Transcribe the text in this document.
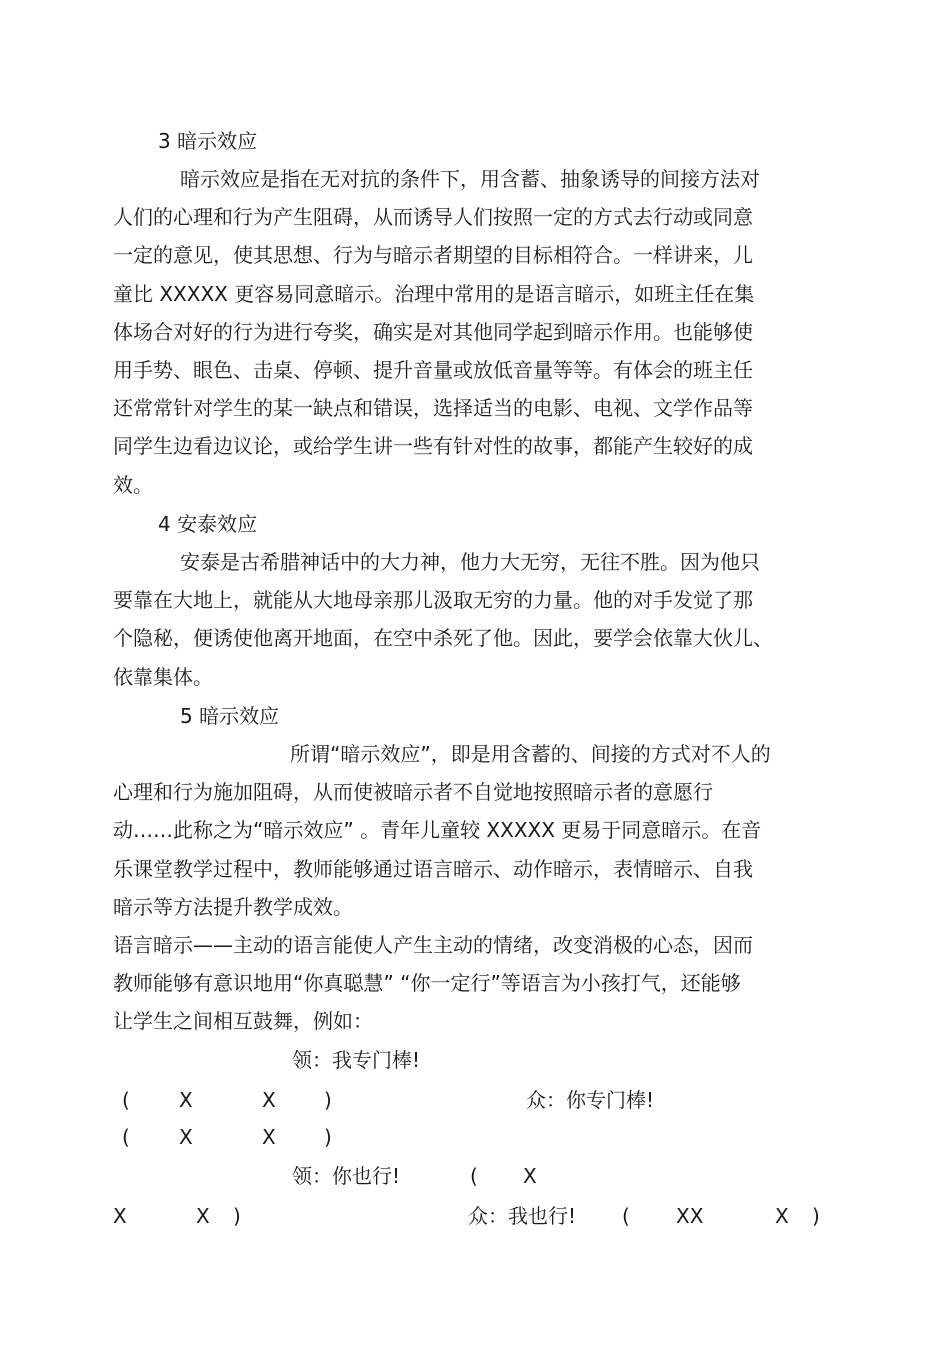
3 暗示效应
暗示效应是指在无对抗的条件下，用含蓄、抽象诱导的间接方法对
人们的心理和行为产生阻碍，从而诱导人们按照一定的方式去行动或同意
一定的意见，使其思想、行为与暗示者期望的目标相符合。一样讲来，儿
童比 XXXXX 更容易同意暗示。治理中常用的是语言暗示，如班主任在集
体场合对好的行为进行夸奖，确实是对其他同学起到暗示作用。也能够使
用手势、眼色、击桌、停顿、提升音量或放低音量等等。有体会的班主任
还常常针对学生的某一缺点和错误，选择适当的电影、电视、文学作品等
同学生边看边议论，或给学生讲一些有针对性的故事，都能产生较好的成
效。
4 安泰效应
安泰是古希腊神话中的大力神，他力大无穷，无往不胜。因为他只
要靠在大地上，就能从大地母亲那儿汲取无穷的力量。他的对手发觉了那
个隐秘，便诱使他离开地面，在空中杀死了他。因此，要学会依靠大伙儿、
依靠集体。
5 暗示效应
所谓“暗示效应”，即是用含蓄的、间接的方式对不人的
心理和行为施加阻碍，从而使被暗示者不自觉地按照暗示者的意愿行
动……此称之为“暗示效应” 。青年儿童较 XXXXX 更易于同意暗示。在音
乐课堂教学过程中，教师能够通过语言暗示、动作暗示，表情暗示、自我
暗示等方法提升教学成效。
语言暗示——主动的语言能使人产生主动的情绪，改变消极的心态，因而
教师能够有意识地用“你真聪慧” “你一定行”等语言为小孩打气，还能够
让学生之间相互鼓舞，例如：
领：我专门棒!
( X	X )	众：你专门棒!
( X	X )
领：你也行!	( X
X	X )	众：我也行! ( XX	X )
